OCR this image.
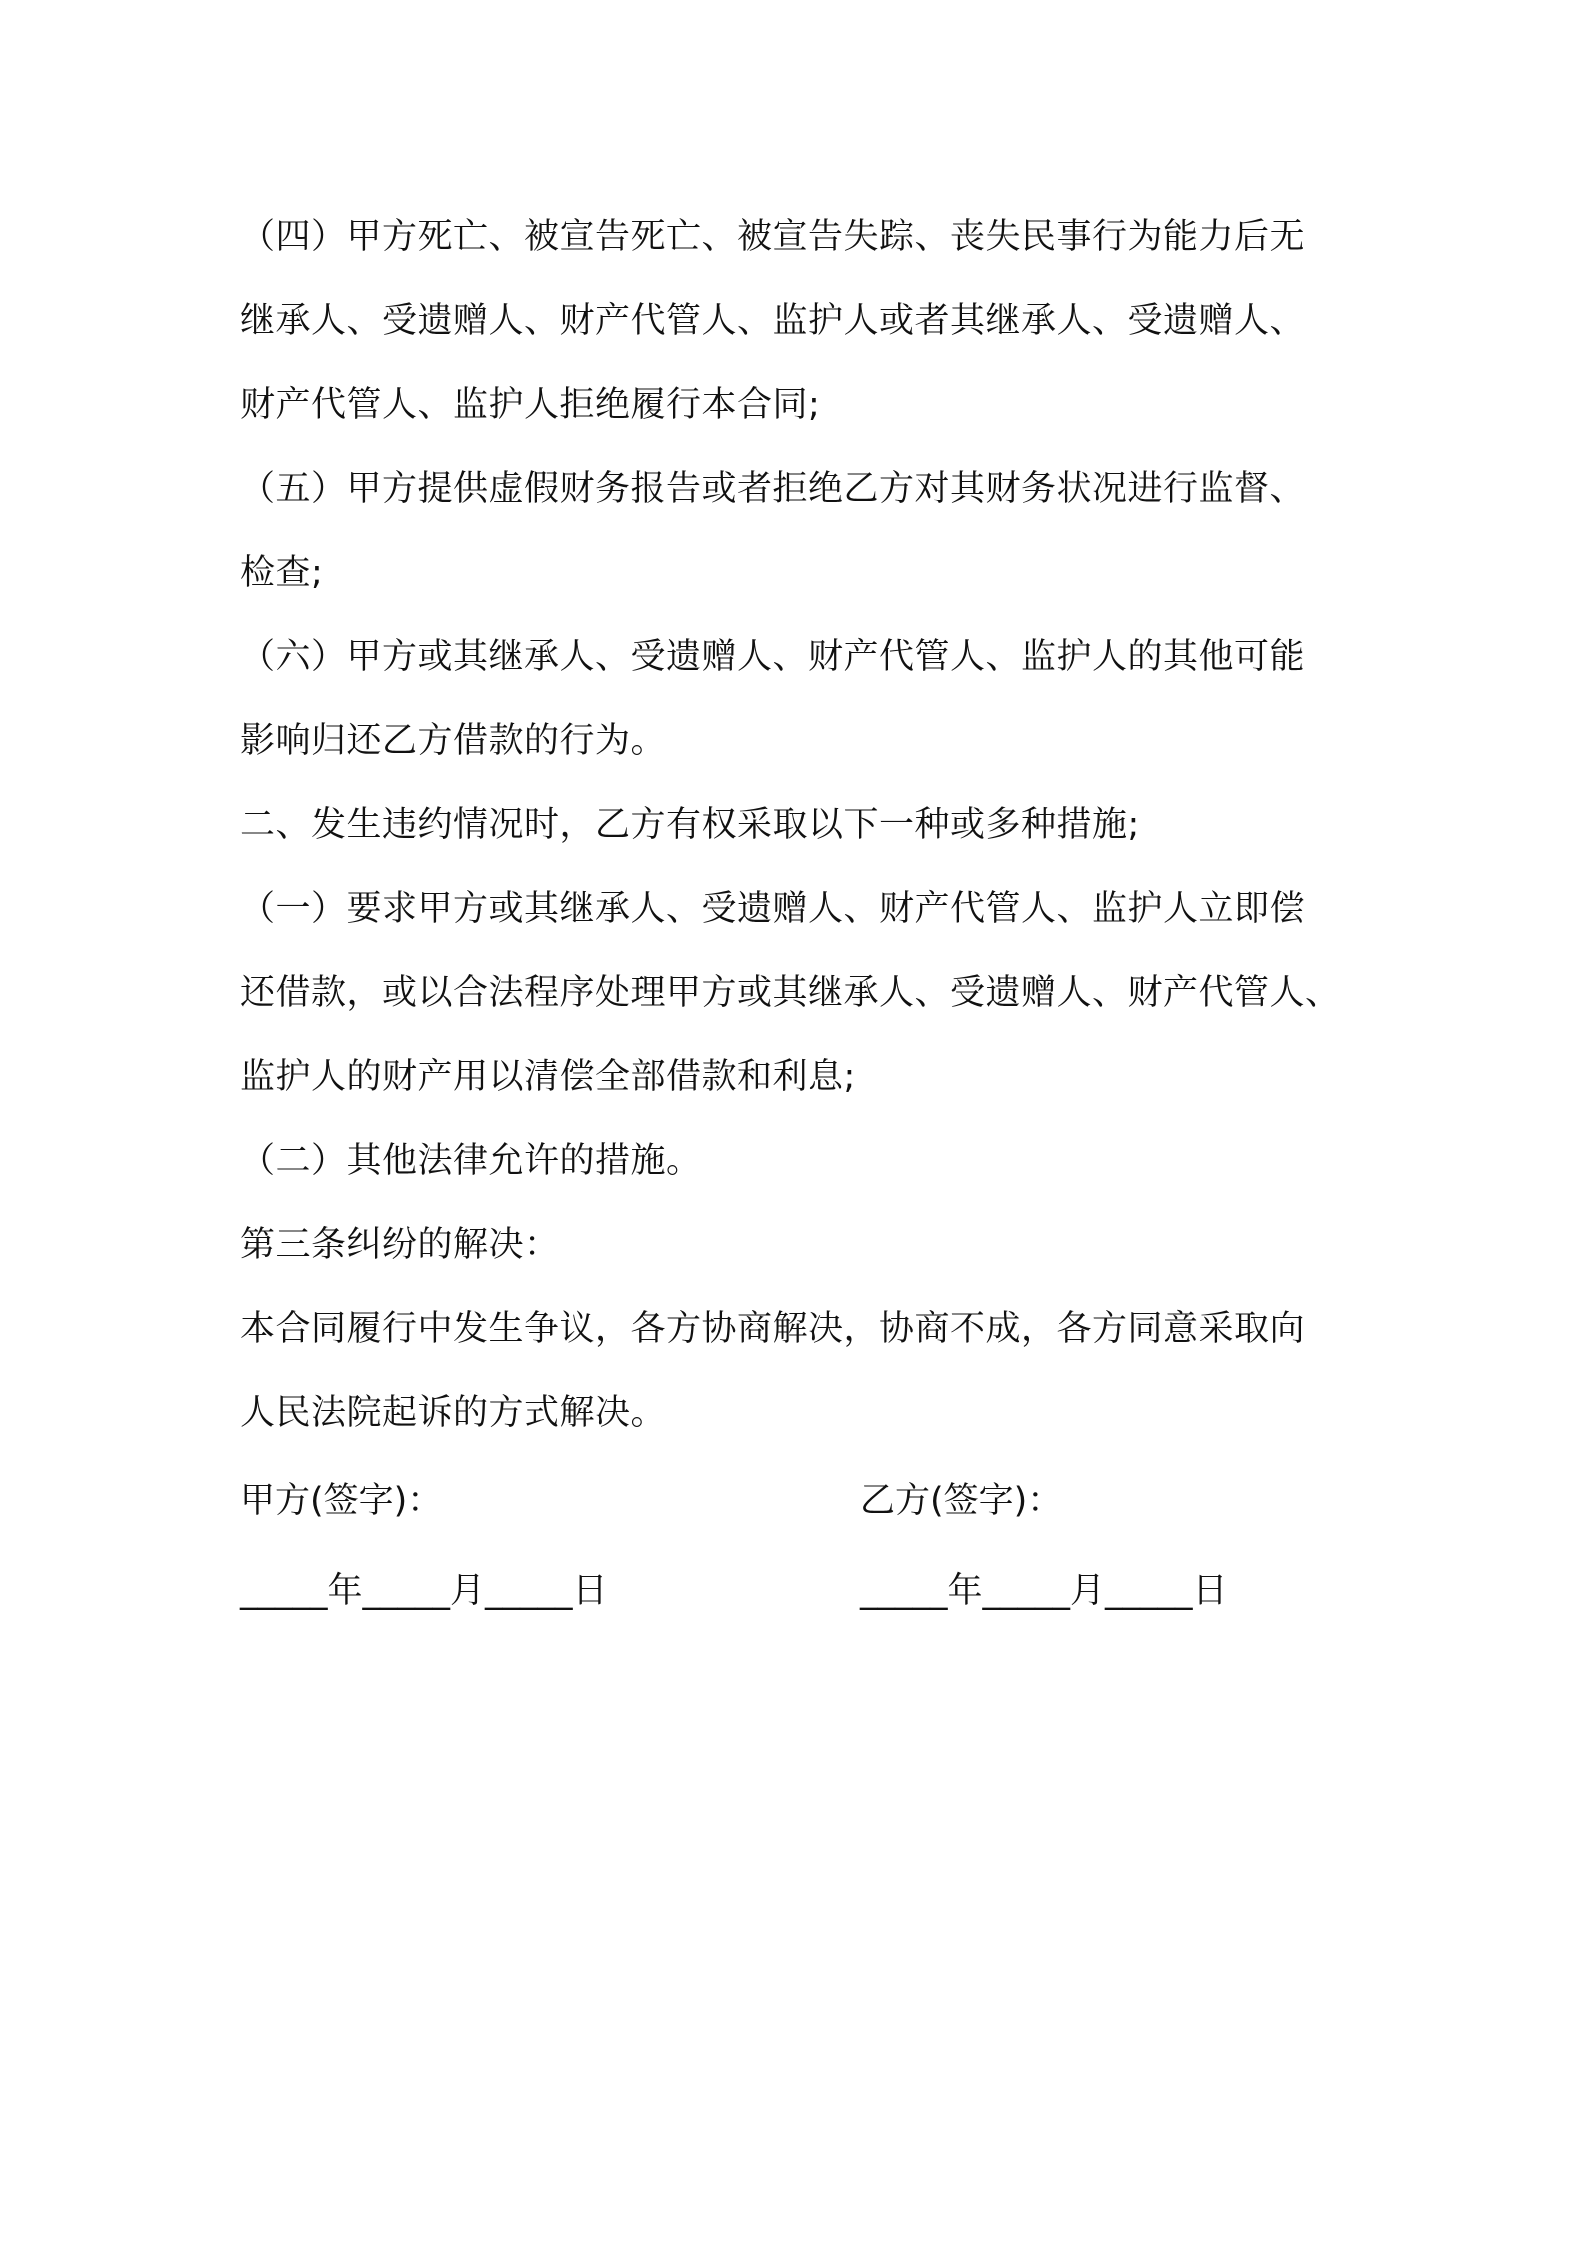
（四）甲方死亡、被宣告死亡、被宣告失踪、丧失民事行为能力后无
继承人、受遗赠人、财产代管人、监护人或者其继承人、受遗赠人、
财产代管人、监护人拒绝履行本合同;
（五）甲方提供虚假财务报告或者拒绝乙方对其财务状况进行监督、
检查;
（六）甲方或其继承人、受遗赠人、财产代管人、监护人的其他可能
影响归还乙方借款的行为。
二、发生违约情况时，乙方有权采取以下一种或多种措施;
（一）要求甲方或其继承人、受遗赠人、财产代管人、监护人立即偿
还借款，或以合法程序处理甲方或其继承人、受遗赠人、财产代管人、
监护人的财产用以清偿全部借款和利息;
（二）其他法律允许的措施。
第三条纠纷的解决：
本合同履行中发生争议，各方协商解决，协商不成，各方同意采取向
人民法院起诉的方式解决。
甲方(签字)：	乙方(签字)：
_____年_____月_____日	_____年_____月_____日
